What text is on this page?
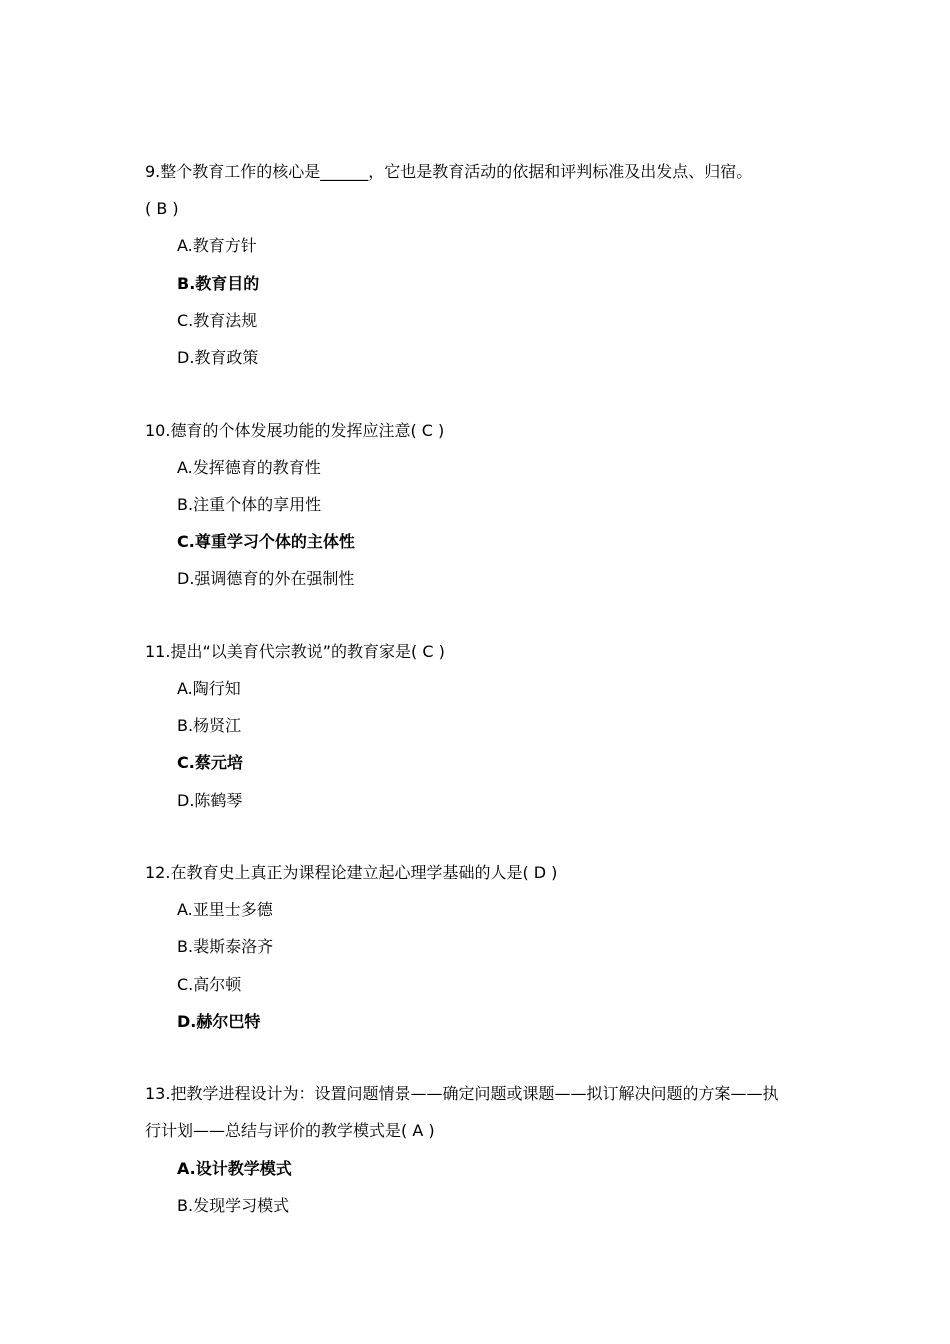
9.整个教育工作的核心是______，它也是教育活动的依据和评判标准及出发点、归宿。
( B )
A.教育方针
B.教育目的
C.教育法规
D.教育政策
10.德育的个体发展功能的发挥应注意( C )
A.发挥德育的教育性
B.注重个体的享用性
C.尊重学习个体的主体性
D.强调德育的外在强制性
11.提出“以美育代宗教说”的教育家是( C )
A.陶行知
B.杨贤江
C.蔡元培
D.陈鹤琴
12.在教育史上真正为课程论建立起心理学基础的人是( D )
A.亚里士多德
B.裴斯泰洛齐
C.高尔顿
D.赫尔巴特
13.把教学进程设计为：设置问题情景——确定问题或课题——拟订解决问题的方案——执
行计划——总结与评价的教学模式是( A )
A.设计教学模式
B.发现学习模式
